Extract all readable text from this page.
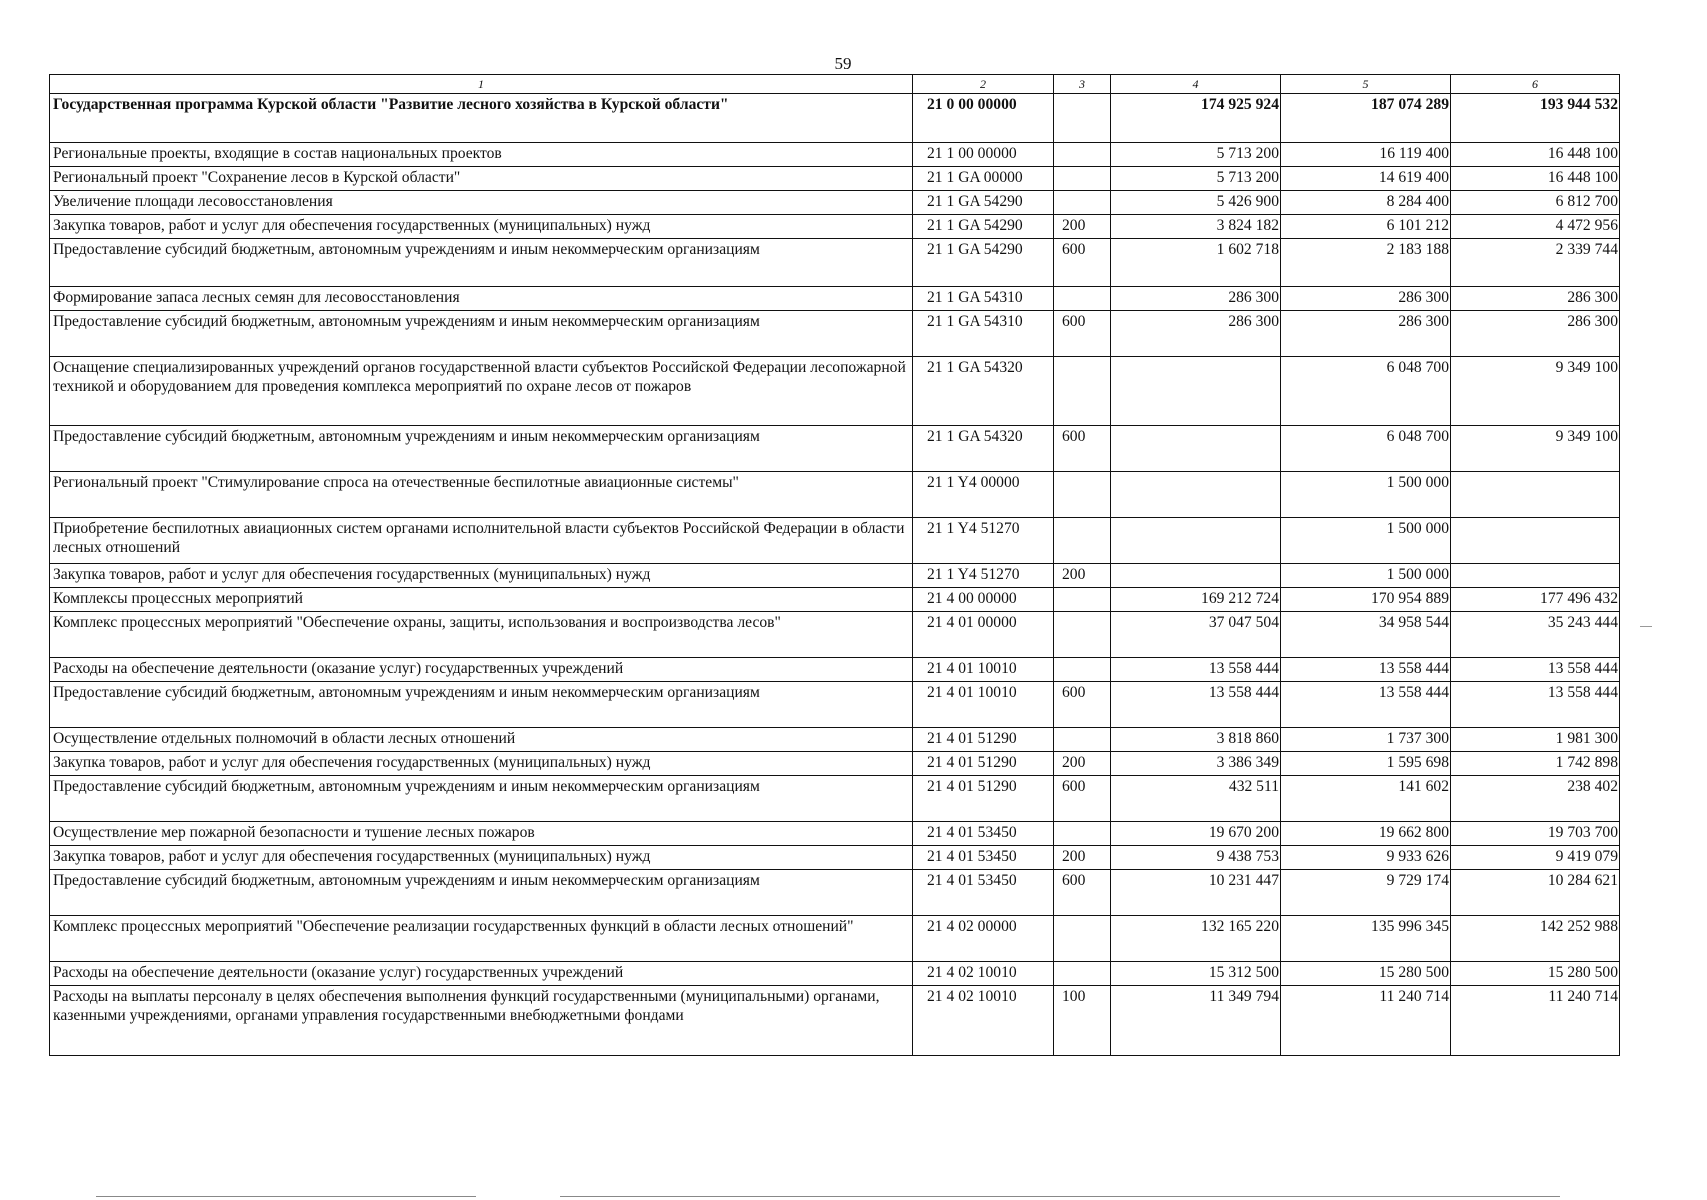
59
1	2	3	4	5	6
Государственная программа Курской области "Развитие лесного хозяйства в Курской области"	21 0 00 00000		174 925 924	187 074 289	193 944 532
Региональные проекты, входящие в состав национальных проектов	21 1 00 00000		5 713 200	16 119 400	16 448 100
Региональный проект "Сохранение лесов в Курской области"	21 1 GA 00000		5 713 200	14 619 400	16 448 100
Увеличение площади лесовосстановления	21 1 GA 54290		5 426 900	8 284 400	6 812 700
Закупка товаров, работ и услуг для обеспечения государственных (муниципальных) нужд	21 1 GA 54290	200	3 824 182	6 101 212	4 472 956
Предоставление субсидий бюджетным, автономным учреждениям и иным некоммерческим организациям	21 1 GA 54290	600	1 602 718	2 183 188	2 339 744
Формирование запаса лесных семян для лесовосстановления	21 1 GA 54310		286 300	286 300	286 300
Предоставление субсидий бюджетным, автономным учреждениям и иным некоммерческим организациям	21 1 GA 54310	600	286 300	286 300	286 300
Оснащение специализированных учреждений органов государственной власти субъектов Российской Федерации лесопожарной техникой и оборудованием для проведения комплекса мероприятий по охране лесов от пожаров	21 1 GA 54320			6 048 700	9 349 100
Предоставление субсидий бюджетным, автономным учреждениям и иным некоммерческим организациям	21 1 GA 54320	600		6 048 700	9 349 100
Региональный проект "Стимулирование спроса на отечественные беспилотные авиационные системы"	21 1 Y4 00000			1 500 000	
Приобретение беспилотных авиационных систем органами исполнительной власти субъектов Российской Федерации в области лесных отношений	21 1 Y4 51270			1 500 000	
Закупка товаров, работ и услуг для обеспечения государственных (муниципальных) нужд	21 1 Y4 51270	200		1 500 000	
Комплексы процессных мероприятий	21 4 00 00000		169 212 724	170 954 889	177 496 432
Комплекс процессных мероприятий "Обеспечение охраны, защиты, использования и воспроизводства лесов"	21 4 01 00000		37 047 504	34 958 544	35 243 444
Расходы на обеспечение деятельности (оказание услуг) государственных учреждений	21 4 01 10010		13 558 444	13 558 444	13 558 444
Предоставление субсидий бюджетным, автономным учреждениям и иным некоммерческим организациям	21 4 01 10010	600	13 558 444	13 558 444	13 558 444
Осуществление отдельных полномочий в области лесных отношений	21 4 01 51290		3 818 860	1 737 300	1 981 300
Закупка товаров, работ и услуг для обеспечения государственных (муниципальных) нужд	21 4 01 51290	200	3 386 349	1 595 698	1 742 898
Предоставление субсидий бюджетным, автономным учреждениям и иным некоммерческим организациям	21 4 01 51290	600	432 511	141 602	238 402
Осуществление мер пожарной безопасности и тушение лесных пожаров	21 4 01 53450		19 670 200	19 662 800	19 703 700
Закупка товаров, работ и услуг для обеспечения государственных (муниципальных) нужд	21 4 01 53450	200	9 438 753	9 933 626	9 419 079
Предоставление субсидий бюджетным, автономным учреждениям и иным некоммерческим организациям	21 4 01 53450	600	10 231 447	9 729 174	10 284 621
Комплекс процессных мероприятий "Обеспечение реализации государственных функций в области лесных отношений"	21 4 02 00000		132 165 220	135 996 345	142 252 988
Расходы на обеспечение деятельности (оказание услуг) государственных учреждений	21 4 02 10010		15 312 500	15 280 500	15 280 500
Расходы на выплаты персоналу в целях обеспечения выполнения функций государственными (муниципальными) органами, казенными учреждениями, органами управления государственными внебюджетными фондами	21 4 02 10010	100	11 349 794	11 240 714	11 240 714
